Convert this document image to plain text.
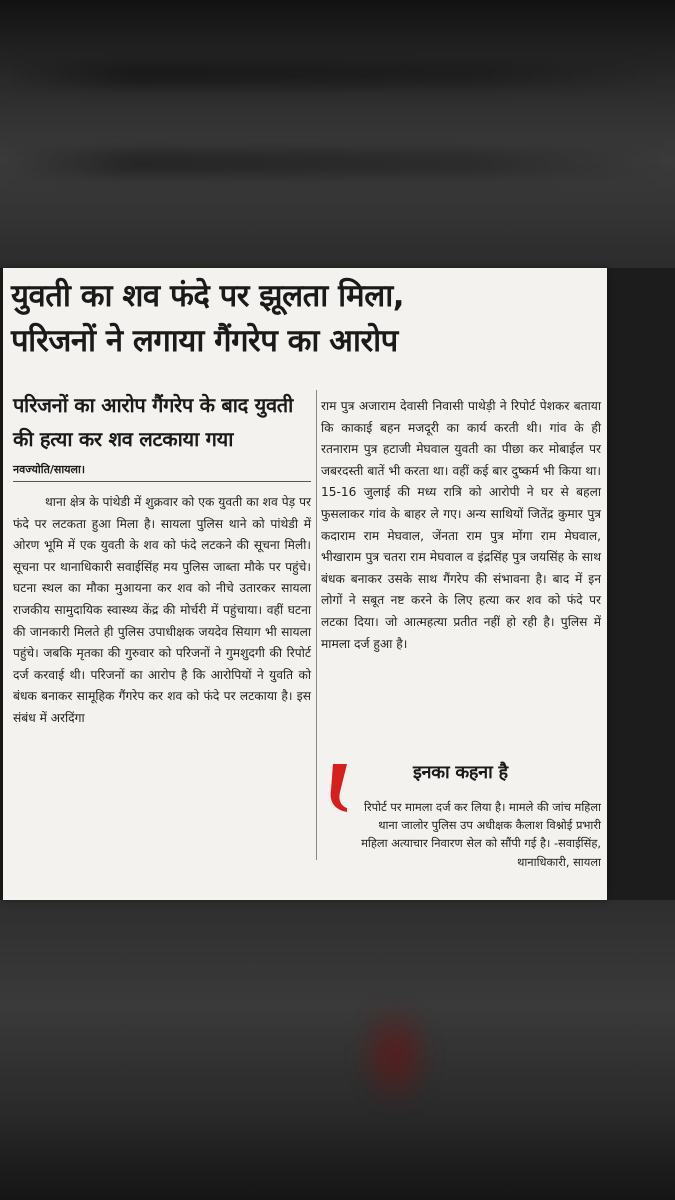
युवती का शव फंदे पर झूलता मिला,
परिजनों ने लगाया गैंगरेप का आरोप
परिजनों का आरोप गैंगरेप के बाद युवती की हत्या कर शव लटकाया गया
नवज्योति/सायला।
थाना क्षेत्र के पांथेडी में शुक्रवार को एक युवती का शव पेड़ पर फंदे पर लटकता हुआ मिला है। सायला पुलिस थाने को पांथेडी में ओरण भूमि में एक युवती के शव को फंदे लटकने की सूचना मिली। सूचना पर थानाधिकारी सवाईसिंह मय पुलिस जाब्ता मौके पर पहुंचे। घटना स्थल का मौका मुआयना कर शव को नीचे उतारकर सायला राजकीय सामुदायिक स्वास्थ्य केंद्र की मोर्चरी में पहुंचाया। वहीं घटना की जानकारी मिलते ही पुलिस उपाधीक्षक जयदेव सियाग भी सायला पहुंचे। जबकि मृतका की गुरुवार को परिजनों ने गुमशुदगी की रिपोर्ट दर्ज करवाई थी। परिजनों का आरोप है कि आरोपियों ने युवति को बंधक बनाकर सामूहिक गैंगरेप कर शव को फंदे पर लटकाया है। इस संबंध में अरदिंगा
राम पुत्र अजाराम देवासी निवासी पाथेड़ी ने रिपोर्ट पेशकर बताया कि काकाई बहन मजदूरी का कार्य करती थी। गांव के ही रतनाराम पुत्र हटाजी मेघवाल युवती का पीछा कर मोबाईल पर जबरदस्ती बातें भी करता था। वहीं कई बार दुष्कर्म भी किया था। 15-16 जुलाई की मध्य रात्रि को आरोपी ने घर से बहला फुसलाकर गांव के बाहर ले गए। अन्य साथियों जितेंद्र कुमार पुत्र कदाराम राम मेघवाल, जेंनता राम पुत्र मोंगा राम मेघवाल, भीखाराम पुत्र चतरा राम मेघवाल व इंद्रसिंह पुत्र जयसिंह के साथ बंधक बनाकर उसके साथ गैंगरेप की संभावना है। बाद में इन लोगों ने सबूत नष्ट करने के लिए हत्या कर शव को फंदे पर लटका दिया। जो आत्महत्या प्रतीत नहीं हो रही है। पुलिस में मामला दर्ज हुआ है।
इनका कहना है
रिपोर्ट पर मामला दर्ज कर लिया है। मामले की जांच महिला थाना जालोर पुलिस उप अधीक्षक कैलाश विश्नोई प्रभारी महिला अत्याचार निवारण सेल को सौंपी गई है। -सवाईसिंह, थानाधिकारी, सायला
